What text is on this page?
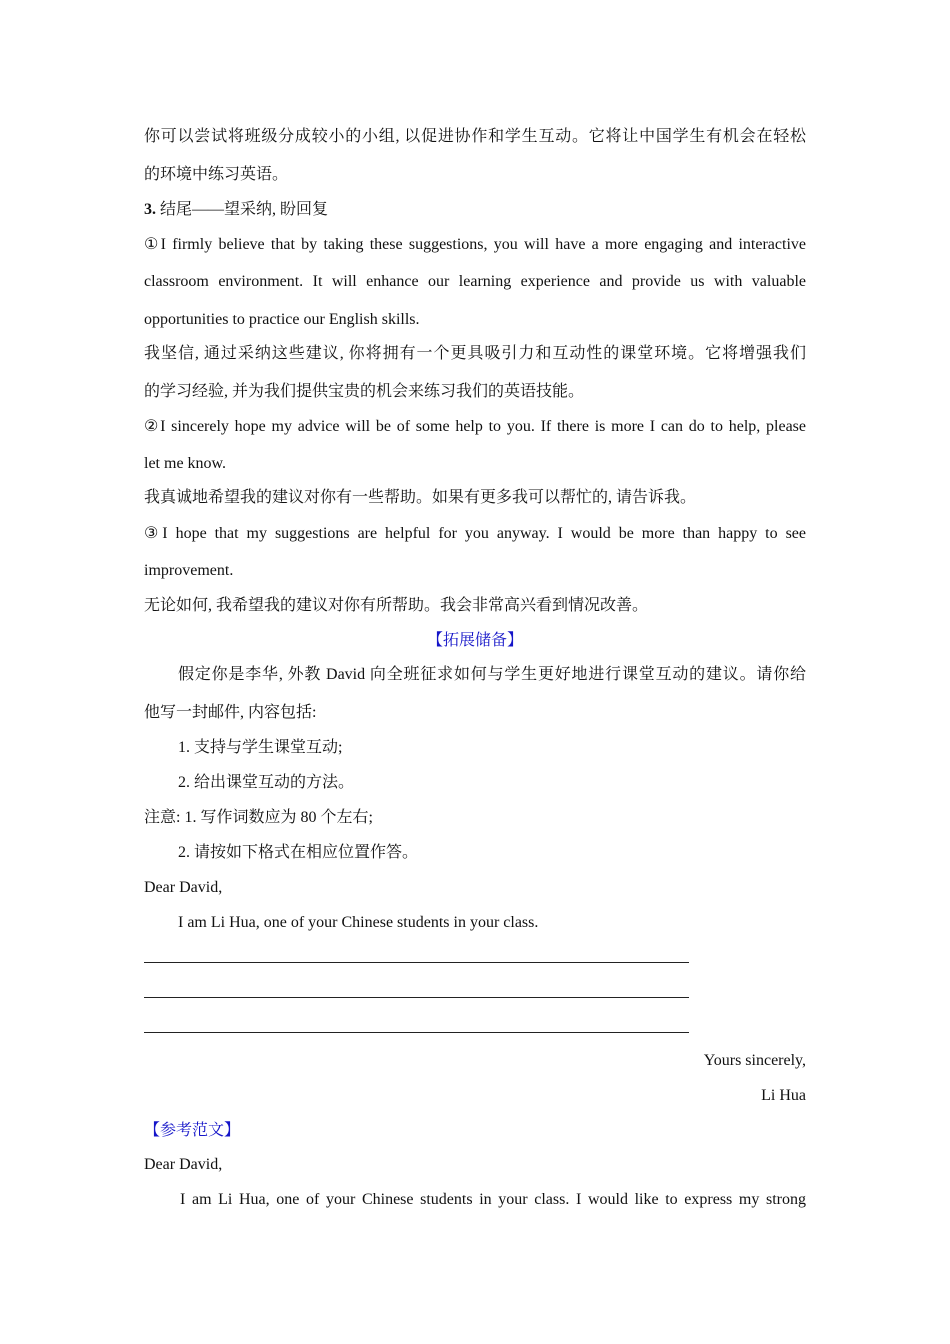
你可以尝试将班级分成较小的小组, 以促进协作和学生互动。它将让中国学生有机会在轻松
的环境中练习英语。
3. 结尾——望采纳, 盼回复
①I firmly believe that by taking these suggestions, you will have a more engaging and interactive
classroom environment. It will enhance our learning experience and provide us with valuable
opportunities to practice our English skills.
我坚信, 通过采纳这些建议, 你将拥有一个更具吸引力和互动性的课堂环境。它将增强我们
的学习经验, 并为我们提供宝贵的机会来练习我们的英语技能。
②I sincerely hope my advice will be of some help to you. If there is more I can do to help, please
let me know.
我真诚地希望我的建议对你有一些帮助。如果有更多我可以帮忙的, 请告诉我。
③I hope that my suggestions are helpful for you anyway. I would be more than happy to see
improvement.
无论如何, 我希望我的建议对你有所帮助。我会非常高兴看到情况改善。
【拓展储备】
假定你是李华, 外教 David 向全班征求如何与学生更好地进行课堂互动的建议。请你给
他写一封邮件, 内容包括:
1. 支持与学生课堂互动;
2. 给出课堂互动的方法。
注意: 1. 写作词数应为 80 个左右;
2. 请按如下格式在相应位置作答。
Dear David,
I am Li Hua, one of your Chinese students in your class.
Yours sincerely,
Li Hua
【参考范文】
Dear David,
I am Li Hua, one of your Chinese students in your class. I would like to express my strong
